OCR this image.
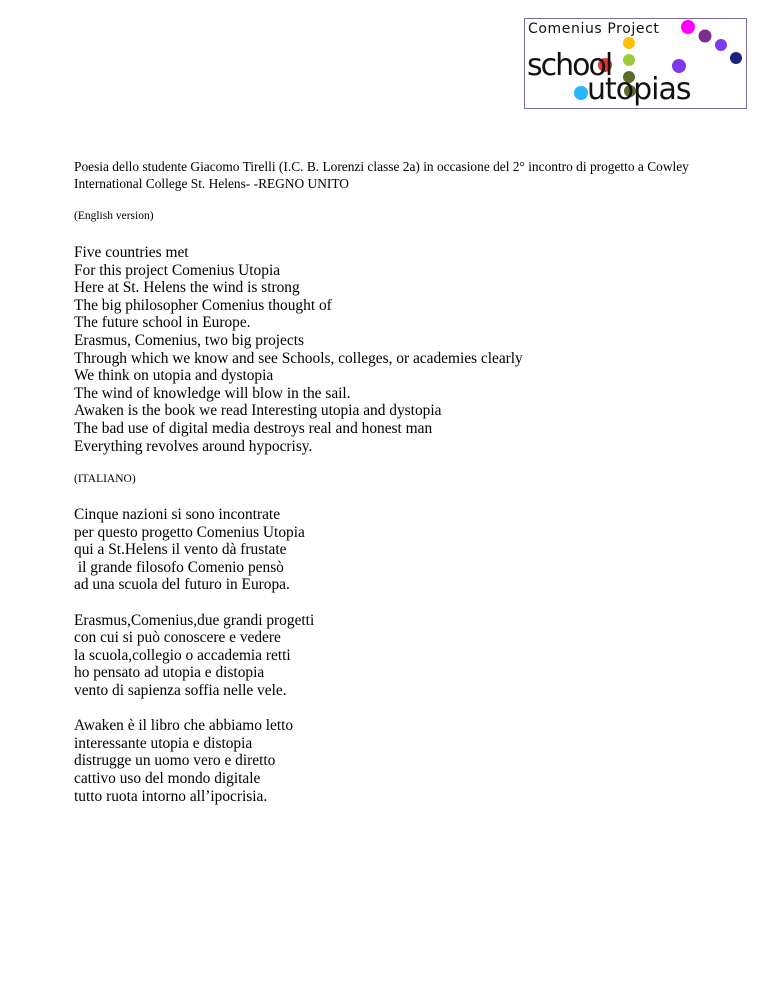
Comenius Project
school
utopias
Poesia dello studente Giacomo Tirelli (I.C. B. Lorenzi classe 2a) in occasione del 2° incontro di progetto a Cowley International College St. Helens- -REGNO UNITO
(English version)

Five countries met

For this project Comenius Utopia

Here at St. Helens the wind is strong

The big philosopher Comenius thought of

The future school in Europe.

Erasmus, Comenius, two big projects

Through which we know and see Schools, colleges, or academies clearly

We think on utopia and dystopia

The wind of knowledge will blow in the sail.

Awaken is the book we read Interesting utopia and dystopia

The bad use of digital media destroys real and honest man

Everything revolves around hypocrisy.

(ITALIANO)

Cinque nazioni si sono incontrate

per questo progetto Comenius Utopia

qui a St.Helens il vento dà frustate

il grande filosofo Comenio pensò

ad una scuola del futuro in Europa.

Erasmus,Comenius,due grandi progetti

con cui si può conoscere e vedere

la scuola,collegio o accademia retti

ho pensato ad utopia e distopia

vento di sapienza soffia nelle vele.

Awaken è il libro che abbiamo letto

interessante utopia e distopia

distrugge un uomo vero e diretto

cattivo uso del mondo digitale

tutto ruota intorno all’ipocrisia.
